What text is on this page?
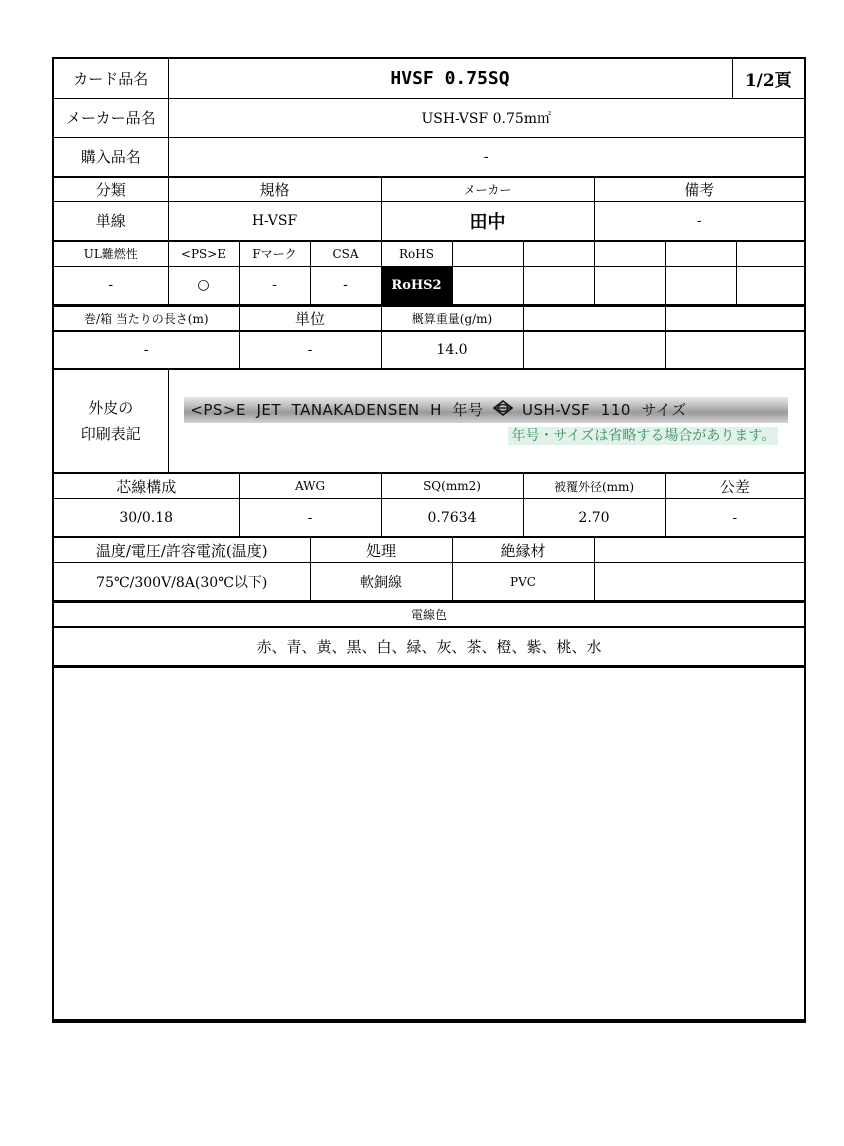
カード品名	HVSF 0.75SQ	1/2頁
メーカー品名	USH-VSF 0.75m㎡	
購入品名	-	
分類	規格	メーカー	備考
単線	H-VSF	田中	-
UL難燃性	<PS>E	Fマーク	CSA	RoHS					
-	○	-	-	RoHS2					
巻/箱 当たりの長さ(m)	単位	概算重量(g/m)		
-	-	14.0		
外皮の
印刷表記

<PS>E  JET  TANAKADENSEN  H  年号	USH-VSF  110  サイズ
年号・サイズは省略する場合があります。
芯線構成	AWG	SQ(mm2)	被覆外径(mm)	公差
30/0.18	-	0.7634	2.70	-
温度/電圧/許容電流(温度)	処理	絶縁材	
75℃/300V/8A(30℃以下)	軟銅線	PVC	
電線色
赤、青、黄、黒、白、緑、灰、茶、橙、紫、桃、水
